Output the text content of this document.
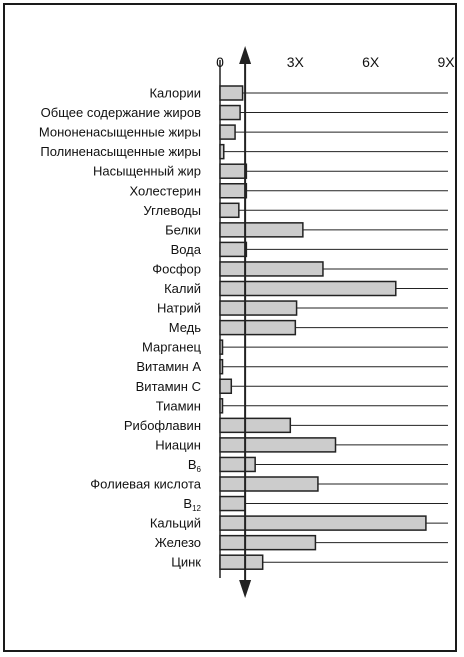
Калории
Общее содержание жиров
Мононенасыщенные жиры
Полиненасыщенные жиры
Насыщенный жир
Холестерин
Углеводы
Белки
Вода
Фосфор
Калий
Натрий
Медь
Марганец
Витамин А
Витамин С
Тиамин
Рибофлавин
Ниацин
$B_6$
Фолиевая кислота
$B_{12}$
Кальций
Железо
Цинк
0	3X	6X	9X
